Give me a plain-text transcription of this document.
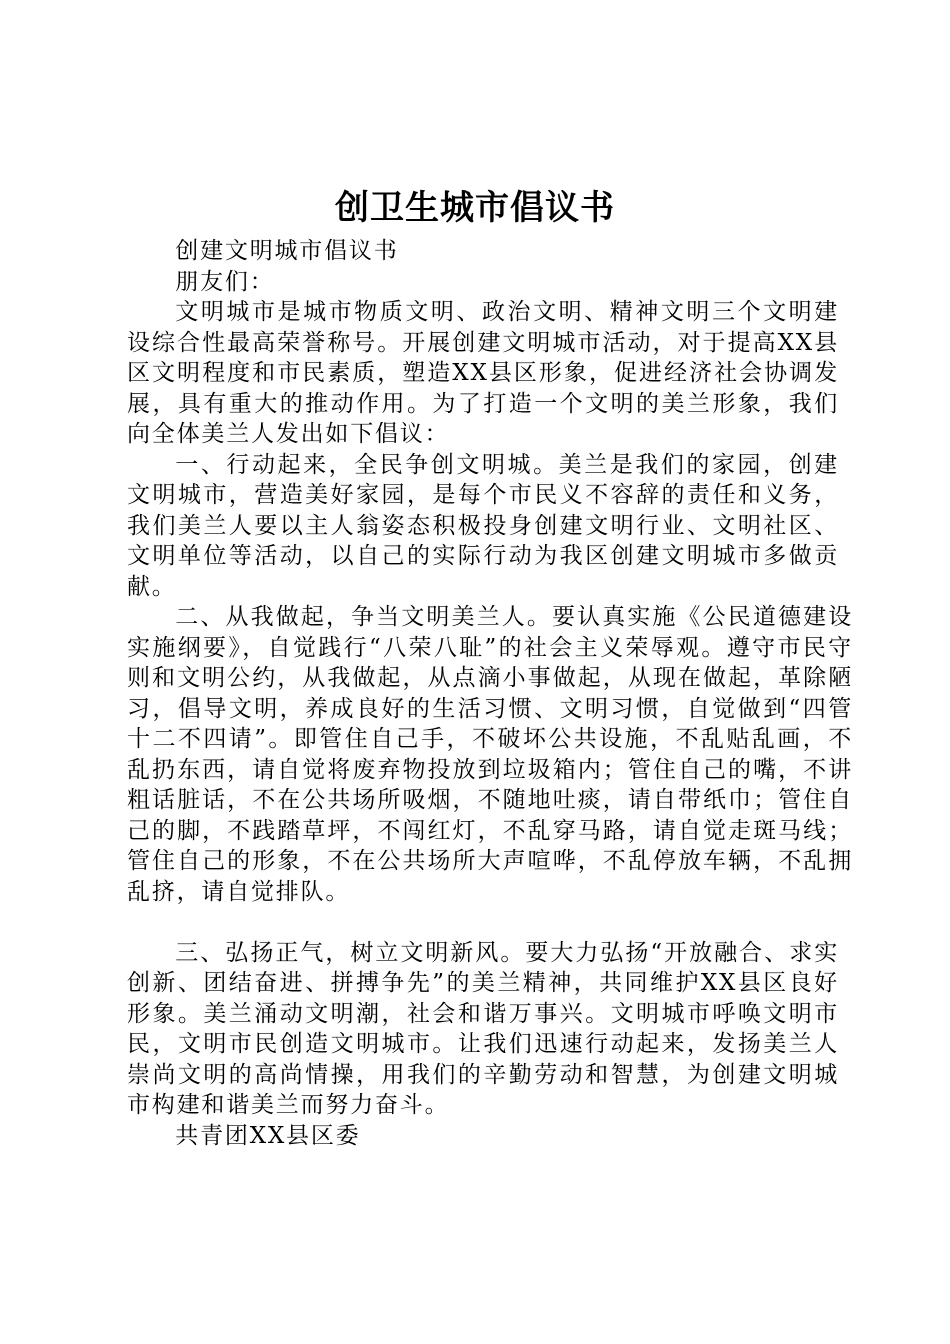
创卫生城市倡议书

创建文明城市倡议书

朋友们：

文明城市是城市物质文明、政治文明、精神文明三个文明建设综合性最高荣誉称号。开展创建文明城市活动，对于提高XX县区文明程度和市民素质，塑造XX县区形象，促进经济社会协调发展，具有重大的推动作用。为了打造一个文明的美兰形象，我们向全体美兰人发出如下倡议：

一、行动起来，全民争创文明城。美兰是我们的家园，创建文明城市，营造美好家园，是每个市民义不容辞的责任和义务，我们美兰人要以主人翁姿态积极投身创建文明行业、文明社区、文明单位等活动，以自己的实际行动为我区创建文明城市多做贡献。

二、从我做起，争当文明美兰人。要认真实施《公民道德建设实施纲要》，自觉践行“八荣八耻”的社会主义荣辱观。遵守市民守则和文明公约，从我做起，从点滴小事做起，从现在做起，革除陋习，倡导文明，养成良好的生活习惯、文明习惯，自觉做到“四管十二不四请”。即管住自己手，不破坏公共设施，不乱贴乱画，不乱扔东西，请自觉将废弃物投放到垃圾箱内；管住自己的嘴，不讲粗话脏话，不在公共场所吸烟，不随地吐痰，请自带纸巾；管住自己的脚，不践踏草坪，不闯红灯，不乱穿马路，请自觉走斑马线；管住自己的形象，不在公共场所大声喧哗，不乱停放车辆，不乱拥乱挤，请自觉排队。

三、弘扬正气，树立文明新风。要大力弘扬“开放融合、求实创新、团结奋进、拼搏争先”的美兰精神，共同维护XX县区良好形象。美兰涌动文明潮，社会和谐万事兴。文明城市呼唤文明市民，文明市民创造文明城市。让我们迅速行动起来，发扬美兰人崇尚文明的高尚情操，用我们的辛勤劳动和智慧，为创建文明城市构建和谐美兰而努力奋斗。

共青团XX县区委
